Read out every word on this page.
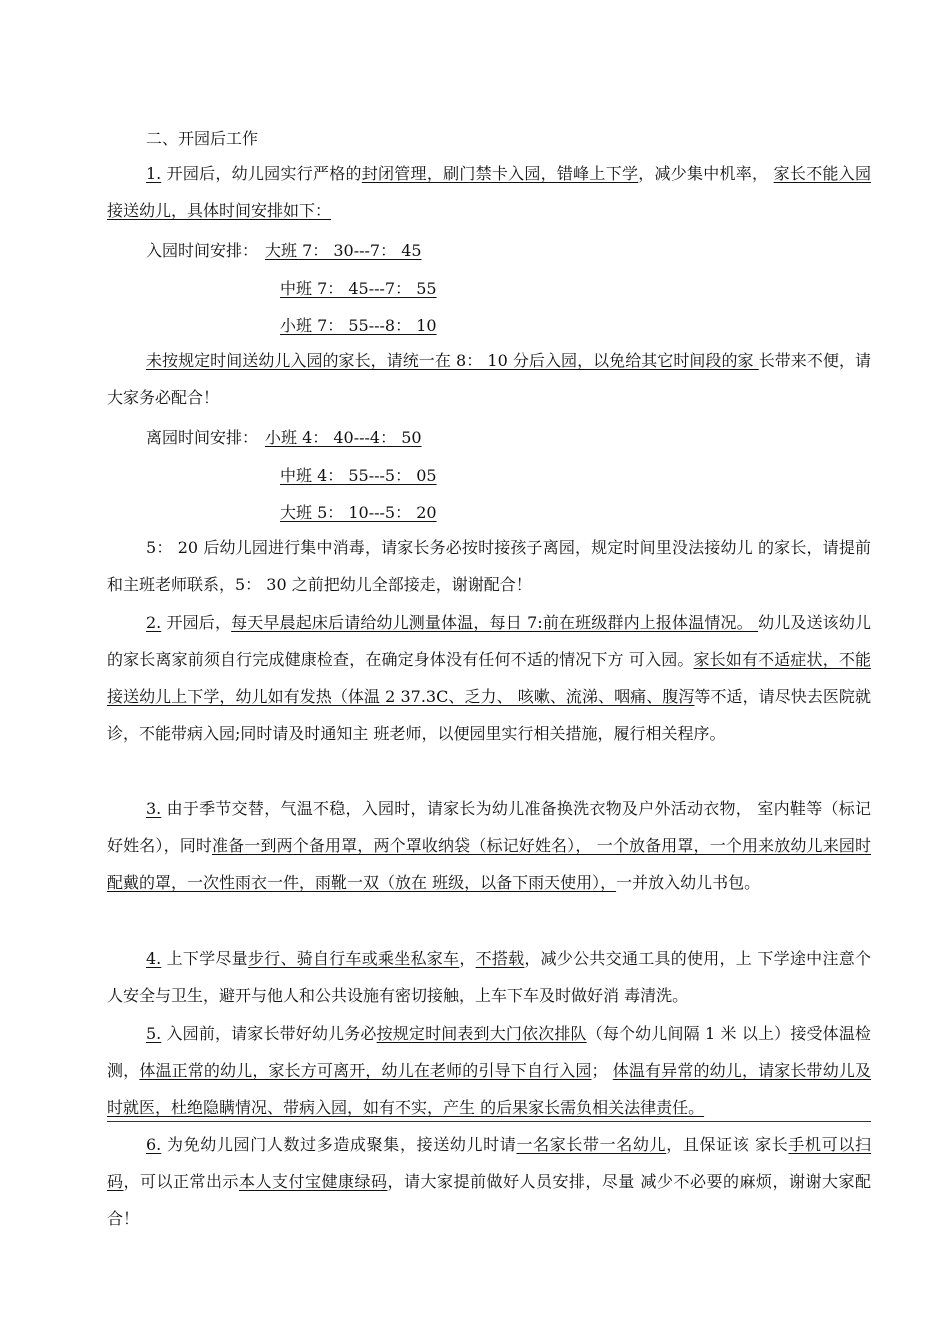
二、开园后工作
1. 开园后，幼儿园实行严格的封闭管理，刷门禁卡入园，错峰上下学，减少集中机率， 家长不能入园接送幼儿，具体时间安排如下：
入园时间安排： 大班 7： 30---7： 45
中班 7： 45---7： 55
小班 7： 55---8： 10
未按规定时间送幼儿入园的家长，请统一在 8： 10 分后入园，以免给其它时间段的家 长带来不便，请大家务必配合！
离园时间安排： 小班 4： 40---4： 50
中班 4： 55---5： 05
大班 5： 10---5： 20
5： 20 后幼儿园进行集中消毒，请家长务必按时接孩子离园，规定时间里没法接幼儿 的家长，请提前和主班老师联系，5： 30 之前把幼儿全部接走，谢谢配合！
2. 开园后，每天早晨起床后请给幼儿测量体温，每日 7:前在班级群内上报体温情况。 幼儿及送该幼儿的家长离家前须自行完成健康检查，在确定身体没有任何不适的情况下方 可入园。家长如有不适症状，不能接送幼儿上下学，幼儿如有发热（体温 2 37.3C、乏力、 咳嗽、流涕、咽痛、腹泻等不适，请尽快去医院就诊，不能带病入园;同时请及时通知主 班老师，以便园里实行相关措施，履行相关程序。
3. 由于季节交替，气温不稳，入园时，请家长为幼儿准备换洗衣物及户外活动衣物， 室内鞋等（标记好姓名），同时准备一到两个备用罩，两个罩收纳袋（标记好姓名）， 一个放备用罩，一个用来放幼儿来园时配戴的罩，一次性雨衣一件，雨靴一双（放在 班级，以备下雨天使用），一并放入幼儿书包。
4. 上下学尽量步行、骑自行车或乘坐私家车，不搭载，减少公共交通工具的使用，上 下学途中注意个人安全与卫生，避开与他人和公共设施有密切接触，上车下车及时做好消 毒清洗。
5. 入园前，请家长带好幼儿务必按规定时间表到大门依次排队（每个幼儿间隔 1 米 以上）接受体温检测，体温正常的幼儿，家长方可离开，幼儿在老师的引导下自行入园； 体温有异常的幼儿，请家长带幼儿及时就医，杜绝隐瞒情况、带病入园，如有不实，产生 的后果家长需负相关法律责任。
6. 为免幼儿园门人数过多造成聚集，接送幼儿时请一名家长带一名幼儿，且保证该 家长手机可以扫码，可以正常出示本人支付宝健康绿码，请大家提前做好人员安排，尽量 减少不必要的麻烦，谢谢大家配合！
